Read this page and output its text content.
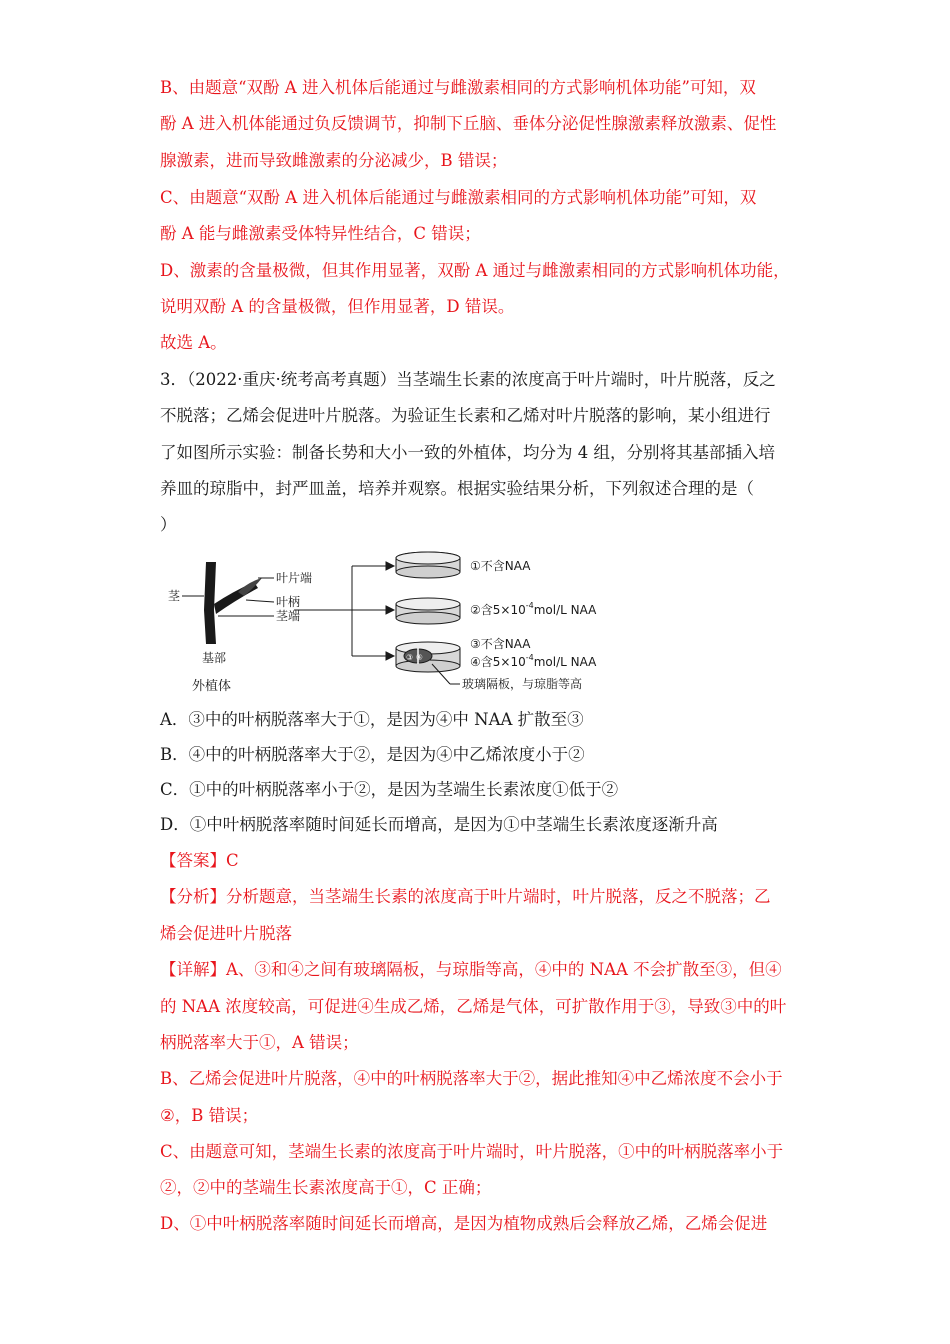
B、由题意“双酚 A 进入机体后能通过与雌激素相同的方式影响机体功能”可知，双
酚 A 进入机体能通过负反馈调节，抑制下丘脑、垂体分泌促性腺激素释放激素、促性
腺激素，进而导致雌激素的分泌减少，B 错误；
C、由题意“双酚 A 进入机体后能通过与雌激素相同的方式影响机体功能”可知，双
酚 A 能与雌激素受体特异性结合，C 错误；
D、激素的含量极微，但其作用显著，双酚 A 通过与雌激素相同的方式影响机体功能，
说明双酚 A 的含量极微，但作用显著，D 错误。
故选 A。
3．（2022·重庆·统考高考真题）当茎端生长素的浓度高于叶片端时，叶片脱落，反之
不脱落；乙烯会促进叶片脱落。为验证生长素和乙烯对叶片脱落的影响，某小组进行
了如图所示实验：制备长势和大小一致的外植体，均分为 4 组，分别将其基部插入培
养皿的琼脂中，封严皿盖，培养并观察。根据实验结果分析，下列叙述合理的是（
）
茎
叶片端
叶柄
茎端
基部
外植体
③ ④
①不含NAA
②含$5\times 10^{-4}mol/L$ NAA
③不含NAA
④含$5\times 10^{-4}mol/L$ NAA
玻璃隔板，与琼脂等高
A．③中的叶柄脱落率大于①，是因为④中 NAA 扩散至③
B．④中的叶柄脱落率大于②，是因为④中乙烯浓度小于②
C．①中的叶柄脱落率小于②，是因为茎端生长素浓度①低于②
D．①中叶柄脱落率随时间延长而增高，是因为①中茎端生长素浓度逐渐升高
【答案】C
【分析】分析题意，当茎端生长素的浓度高于叶片端时，叶片脱落，反之不脱落；乙
烯会促进叶片脱落
【详解】A、③和④之间有玻璃隔板，与琼脂等高，④中的 NAA 不会扩散至③，但④
的 NAA 浓度较高，可促进④生成乙烯，乙烯是气体，可扩散作用于③，导致③中的叶
柄脱落率大于①，A 错误；
B、乙烯会促进叶片脱落，④中的叶柄脱落率大于②，据此推知④中乙烯浓度不会小于
②，B 错误；
C、由题意可知，茎端生长素的浓度高于叶片端时，叶片脱落，①中的叶柄脱落率小于
②，②中的茎端生长素浓度高于①，C 正确；
D、①中叶柄脱落率随时间延长而增高，是因为植物成熟后会释放乙烯，乙烯会促进
